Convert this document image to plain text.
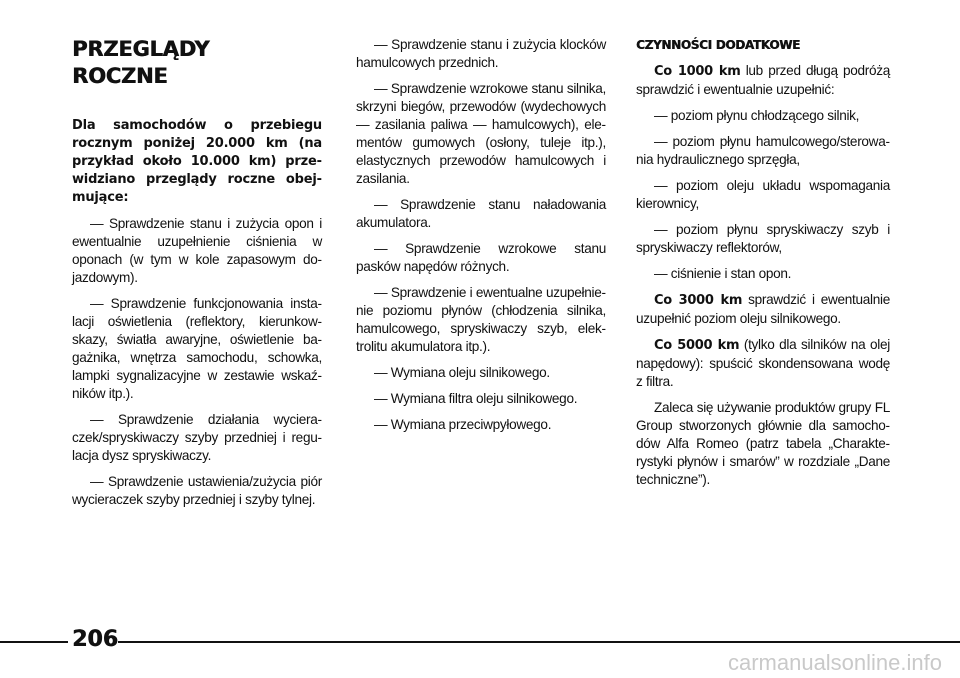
PRZEGLĄDY
ROCZNE

Dla samochodów o przebiegu rocznym poniżej 20.000 km (na przykład około 10.000 km) przewidziano przeglądy roczne obejmujące:

— Sprawdzenie stanu i zużycia opon i ewentualnie uzupełnienie ciśnienia w oponach (w tym w kole zapasowym dojazdowym).

— Sprawdzenie funkcjonowania instalacji oświetlenia (reflektory, kierunkowskazy, światła awaryjne, oświetlenie bagażnika, wnętrza samochodu, schowka, lampki sygnalizacyjne w zestawie wskaźników itp.).

— Sprawdzenie działania wycieraczek/spryskiwaczy szyby przedniej i regulacja dysz spryskiwaczy.

— Sprawdzenie ustawienia/zużycia piór wycieraczek szyby przedniej i szyby tylnej.

— Sprawdzenie stanu i zużycia klocków hamulcowych przednich.

— Sprawdzenie wzrokowe stanu silnika, skrzyni biegów, przewodów (wydechowych — zasilania paliwa — hamulcowych), elementów gumowych (osłony, tuleje itp.), elastycznych przewodów hamulcowych i zasilania.

— Sprawdzenie stanu naładowania akumulatora.

— Sprawdzenie wzrokowe stanu pasków napędów różnych.

— Sprawdzenie i ewentualne uzupełnienie poziomu płynów (chłodzenia silnika, hamulcowego, spryskiwaczy szyb, elektrolitu akumulatora itp.).

— Wymiana oleju silnikowego.

— Wymiana filtra oleju silnikowego.

— Wymiana przeciwpyłowego.

CZYNNOŚCI DODATKOWE

Co 1000 km lub przed długą podróżą sprawdzić i ewentualnie uzupełnić:

— poziom płynu chłodzącego silnik,

— poziom płynu hamulcowego/sterowania hydraulicznego sprzęgła,

— poziom oleju układu wspomagania kierownicy,

— poziom płynu spryskiwaczy szyb i spryskiwaczy reflektorów,

— ciśnienie i stan opon.

Co 3000 km sprawdzić i ewentualnie uzupełnić poziom oleju silnikowego.

Co 5000 km (tylko dla silników na olej napędowy): spuścić skondensowana wodę z filtra.

Zaleca się używanie produktów grupy FL Group stworzonych głównie dla samochodów Alfa Romeo (patrz tabela „Charakterystyki płynów i smarów” w rozdziale „Dane techniczne”).

206
carmanualsonline.info
